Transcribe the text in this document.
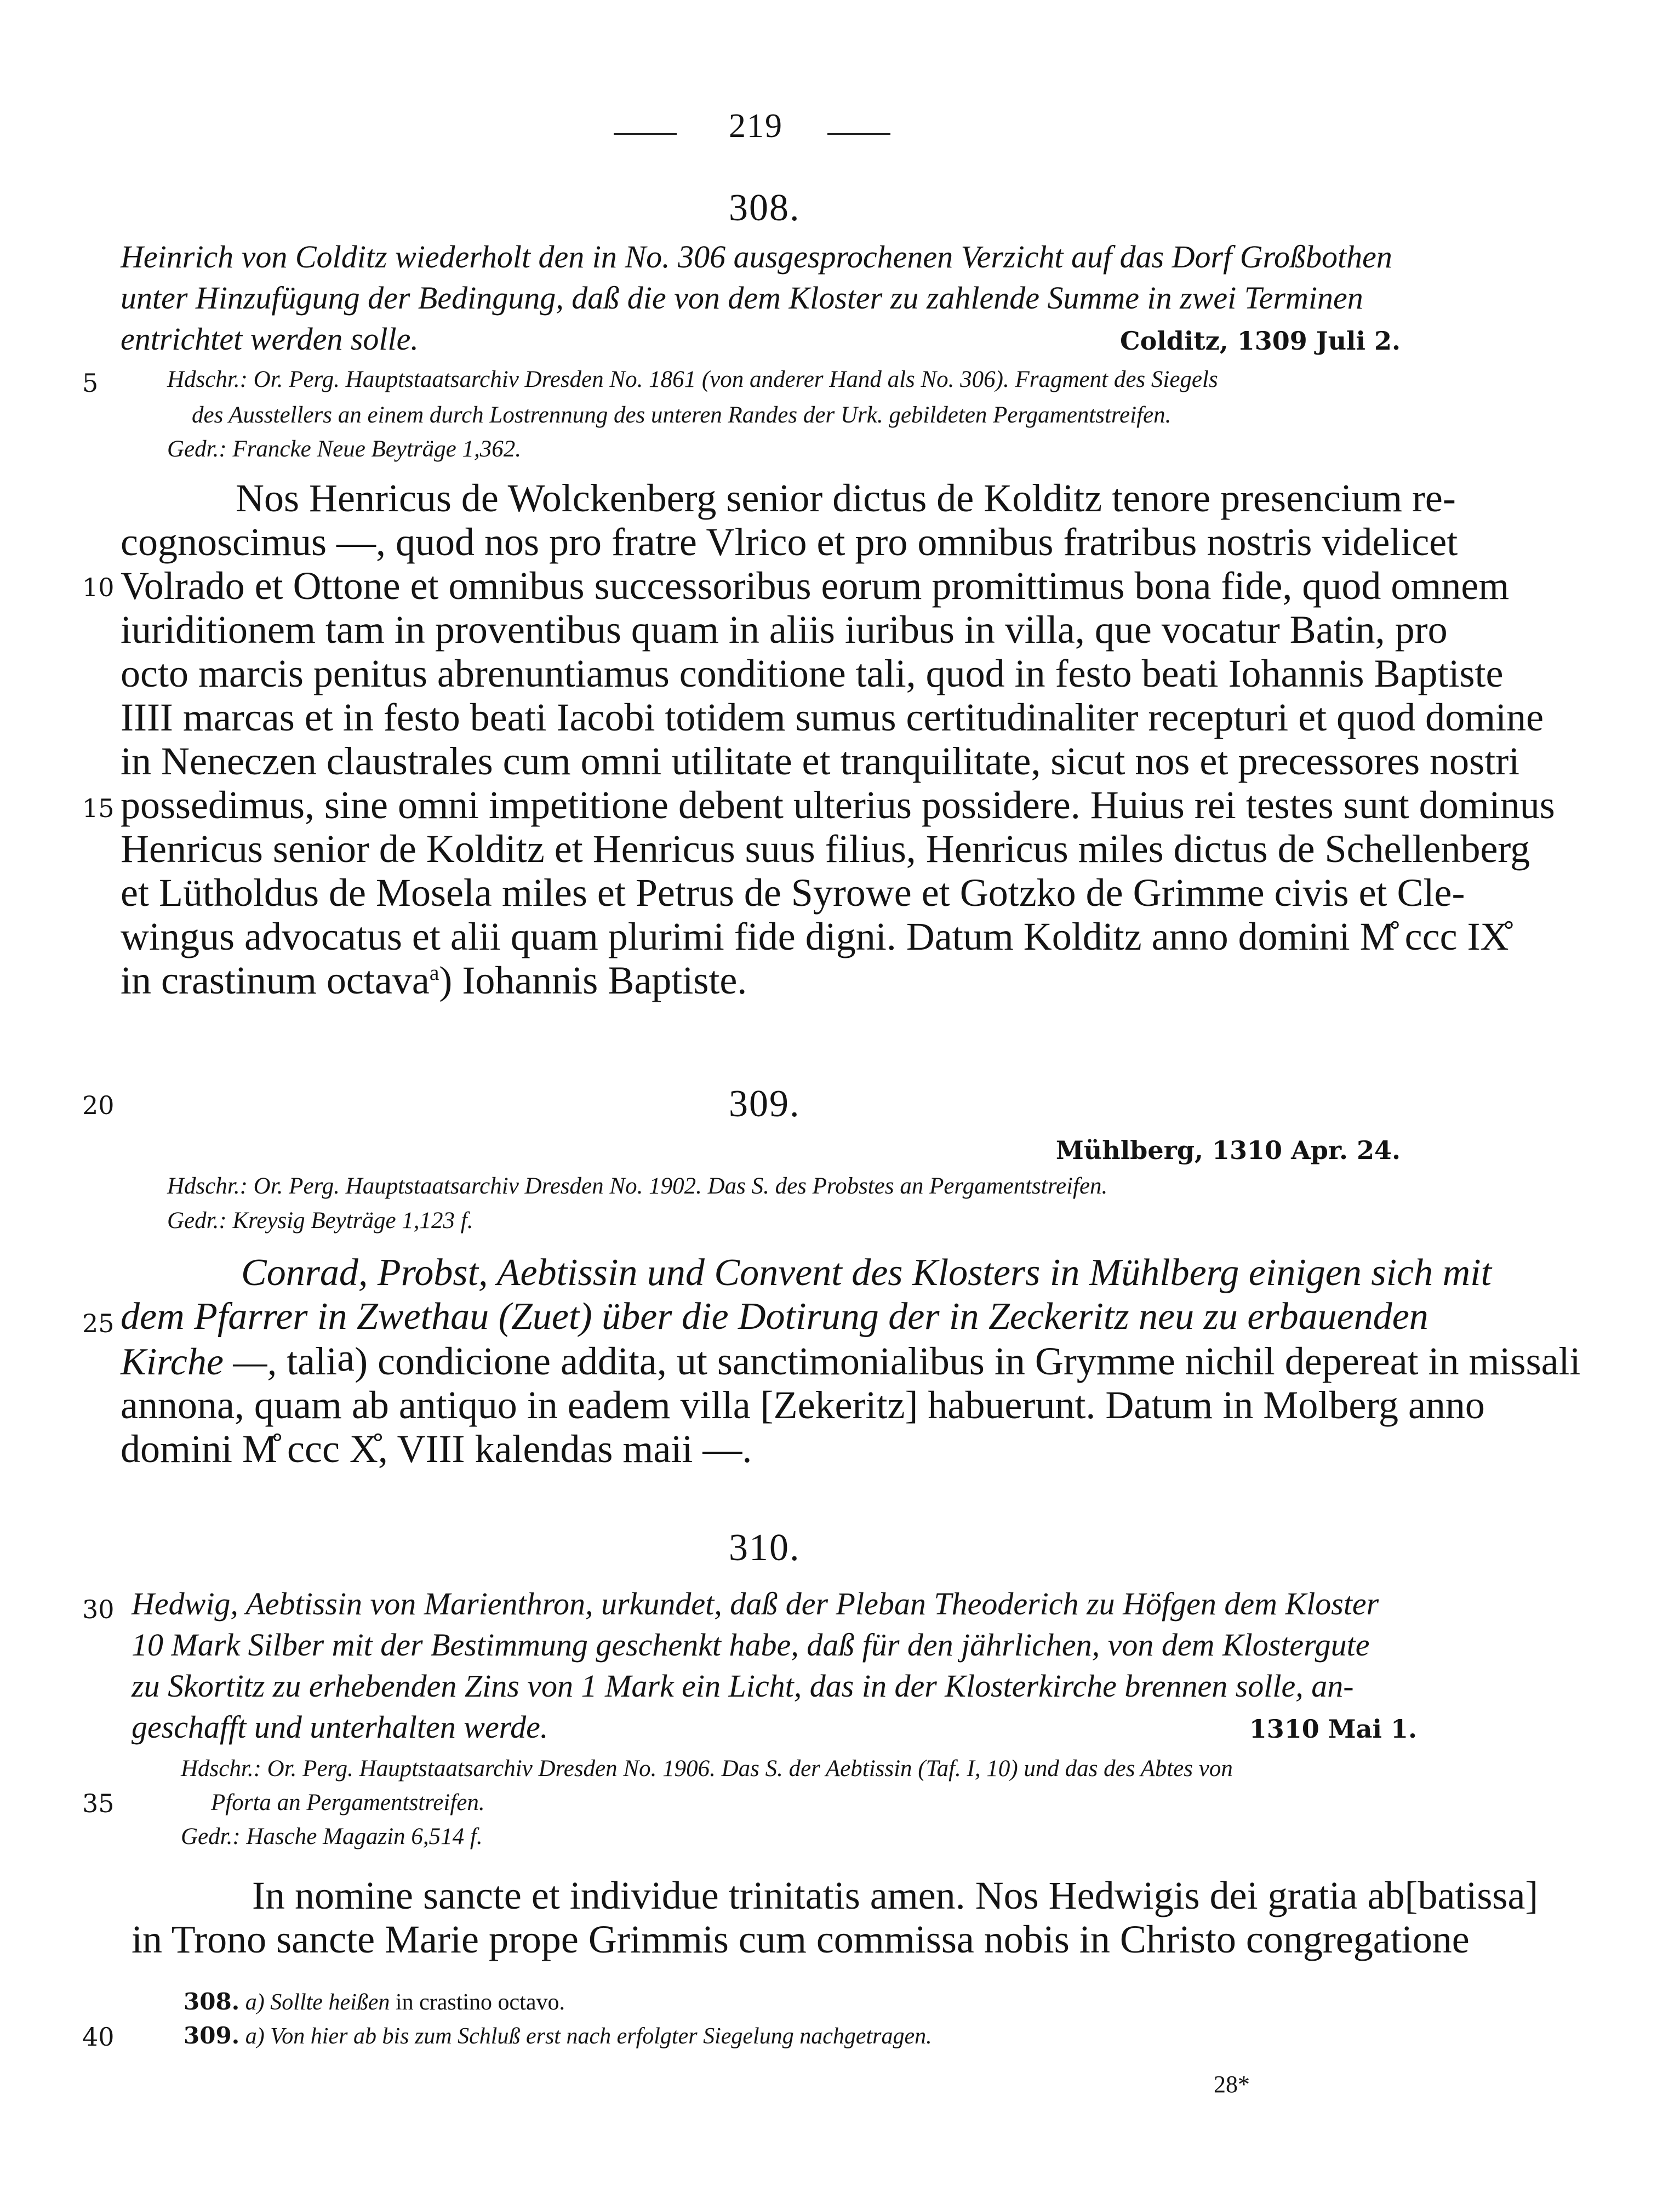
219
308.
Heinrich von Colditz wiederholt den in No. 306 ausgesprochenen Verzicht auf das Dorf Großbothen
unter Hinzufügung der Bedingung, daß die von dem Kloster zu zahlende Summe in zwei Terminen
entrichtet werden solle.	Colditz, 1309 Juli 2.
5	Hdschr.: Or. Perg. Hauptstaatsarchiv Dresden No. 1861 (von anderer Hand als No. 306). Fragment des Siegels
des Ausstellers an einem durch Lostrennung des unteren Randes der Urk. gebildeten Pergamentstreifen.
Gedr.: Francke Neue Beyträge 1,362.
Nos Henricus de Wolckenberg senior dictus de Kolditz tenore presencium re-
cognoscimus —, quod nos pro fratre Vlrico et pro omnibus fratribus nostris videlicet
10 Volrado et Ottone et omnibus successoribus eorum promittimus bona fide, quod omnem
iuriditionem tam in proventibus quam in aliis iuribus in villa, que vocatur Batin, pro
octo marcis penitus abrenuntiamus conditione tali, quod in festo beati Iohannis Baptiste
IIII marcas et in festo beati Iacobi totidem sumus certitudinaliter recepturi et quod domine
in Neneczen claustrales cum omni utilitate et tranquilitate, sicut nos et precessores nostri
15 possedimus, sine omni impetitione debent ulterius possidere. Huius rei testes sunt dominus
Henricus senior de Kolditz et Henricus suus filius, Henricus miles dictus de Schellenberg
et Lütholdus de Mosela miles et Petrus de Syrowe et Gotzko de Grimme civis et Cle-
wingus advocatus et alii quam plurimi fide digni. Datum Kolditz anno domini M̊ ccc IX̊
in crastinum octava$^a$) Iohannis Baptiste.
20	309.
Mühlberg, 1310 Apr. 24.
Hdschr.: Or. Perg. Hauptstaatsarchiv Dresden No. 1902. Das S. des Probstes an Pergamentstreifen.
Gedr.: Kreysig Beyträge 1,123 f.
Conrad, Probst, Aebtissin und Convent des Klosters in Mühlberg einigen sich mit
25 dem Pfarrer in Zwethau (Zuet) über die Dotirung der in Zeckeritz neu zu erbauenden
Kirche —, tali$^a$) condicione addita, ut sanctimonialibus in Grymme nichil depereat in missali
annona, quam ab antiquo in eadem villa [Zekeritz] habuerunt. Datum in Molberg anno
domini M̊ ccc X̊, VIII kalendas maii —.
310.
30 Hedwig, Aebtissin von Marienthron, urkundet, daß der Pleban Theoderich zu Höfgen dem Kloster
10 Mark Silber mit der Bestimmung geschenkt habe, daß für den jährlichen, von dem Klostergute
zu Skortitz zu erhebenden Zins von 1 Mark ein Licht, das in der Klosterkirche brennen solle, an-
geschafft und unterhalten werde.	1310 Mai 1.
Hdschr.: Or. Perg. Hauptstaatsarchiv Dresden No. 1906. Das S. der Aebtissin (Taf. I, 10) und das des Abtes von
35	Pforta an Pergamentstreifen.
Gedr.: Hasche Magazin 6,514 f.
In nomine sancte et individue trinitatis amen. Nos Hedwigis dei gratia ab[batissa]
in Trono sancte Marie prope Grimmis cum commissa nobis in Christo congregatione
308. a) Sollte heißen in crastino octavo.
40	309. a) Von hier ab bis zum Schluß erst nach erfolgter Siegelung nachgetragen.
28*
